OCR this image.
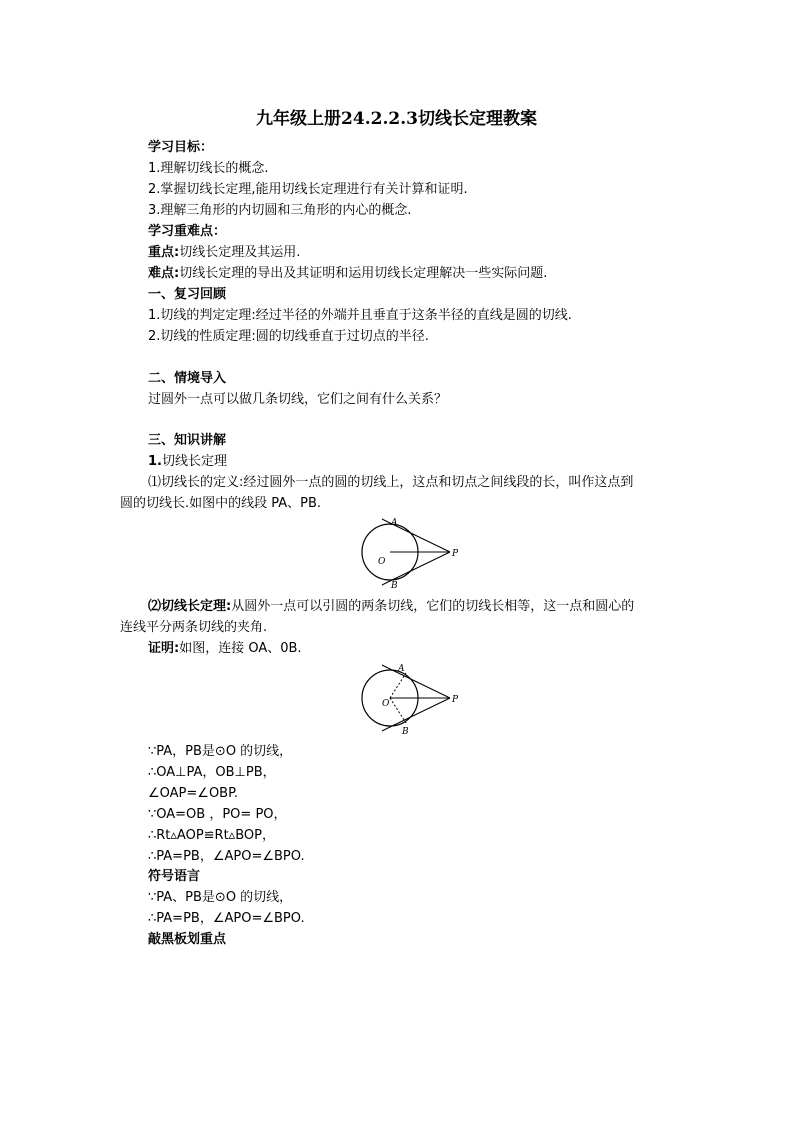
九年级上册24.2.2.3切线长定理教案
学习目标：
1.理解切线长的概念.
2.掌握切线长定理,能用切线长定理进行有关计算和证明.
3.理解三角形的内切圆和三角形的内心的概念.
学习重难点：
重点:切线长定理及其运用.
难点:切线长定理的导出及其证明和运用切线长定理解决一些实际问题.
一、复习回顾
1.切线的判定定理:经过半径的外端并且垂直于这条半径的直线是圆的切线.
2.切线的性质定理:圆的切线垂直于过切点的半径.
二、情境导入
过圆外一点可以做几条切线，它们之间有什么关系？
三、知识讲解
1.切线长定理
⑴切线长的定义:经过圆外一点的圆的切线上，这点和切点之间线段的长，叫作这点到
圆的切线长.如图中的线段 PA、PB.
A
B
O
P
⑵切线长定理:从圆外一点可以引圆的两条切线，它们的切线长相等，这一点和圆心的
连线平分两条切线的夹角.
证明:如图，连接 OA、0B.
A
B
O	P
∵PA，PB是⊙O 的切线，
∴OA⊥PA，OB⊥PB，
∠OAP=∠OBP.
∵OA=OB ，PO= PO，
∴Rt▵AOP≌Rt▵BOP，
∴PA=PB，∠APO=∠BPO.
符号语言
∵PA、PB是⊙O 的切线，
∴PA=PB，∠APO=∠BPO.
敲黑板划重点
